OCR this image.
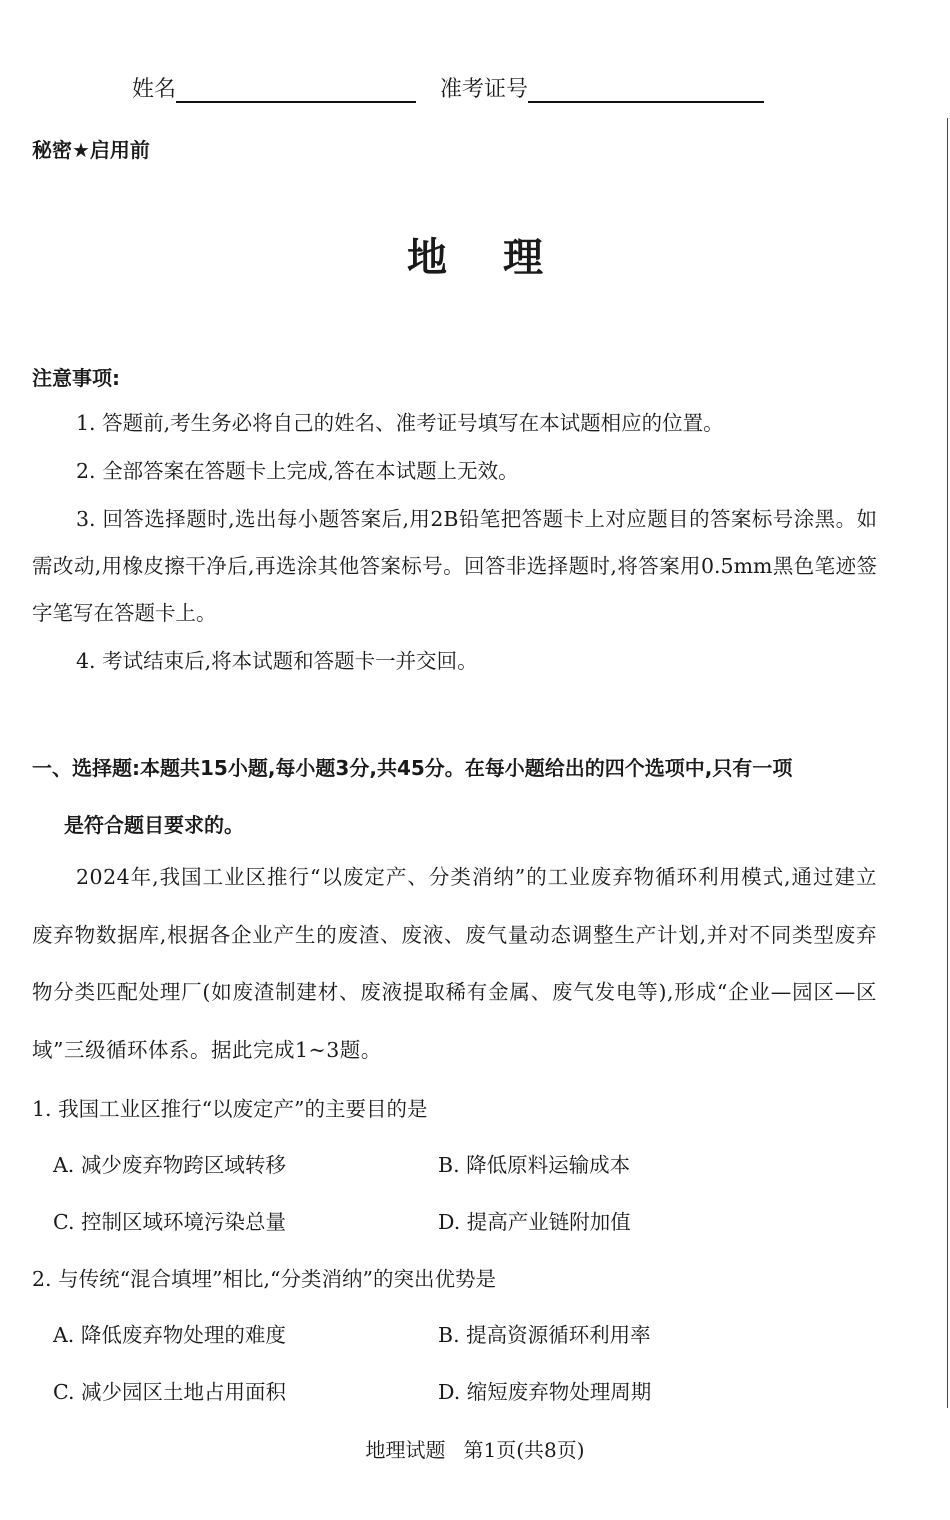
姓名	准考证号
秘密★启用前
地 理
注意事项:

1. 答题前,考生务必将自己的姓名、准考证号填写在本试题相应的位置。

2. 全部答案在答题卡上完成,答在本试题上无效。

3. 回答选择题时,选出每小题答案后,用2B铅笔把答题卡上对应题目的答案标号涂黑。如需改动,用橡皮擦干净后,再选涂其他答案标号。回答非选择题时,将答案用0.5mm黑色笔迹签字笔写在答题卡上。

4. 考试结束后,将本试题和答题卡一并交回。

一、选择题:本题共15小题,每小题3分,共45分。在每小题给出的四个选项中,只有一项
是符合题目要求的。

2024年,我国工业区推行“以废定产、分类消纳”的工业废弃物循环利用模式,通过建立废弃物数据库,根据各企业产生的废渣、废液、废气量动态调整生产计划,并对不同类型废弃物分类匹配处理厂(如废渣制建材、废液提取稀有金属、废气发电等),形成“企业—园区—区域”三级循环体系。据此完成1~3题。

1. 我国工业区推行“以废定产”的主要目的是
A. 减少废弃物跨区域转移	B. 降低原料运输成本
C. 控制区域环境污染总量	D. 提高产业链附加值
2. 与传统“混合填埋”相比,“分类消纳”的突出优势是
A. 降低废弃物处理的难度	B. 提高资源循环利用率
C. 减少园区土地占用面积	D. 缩短废弃物处理周期
地理试题 第1页(共8页)
